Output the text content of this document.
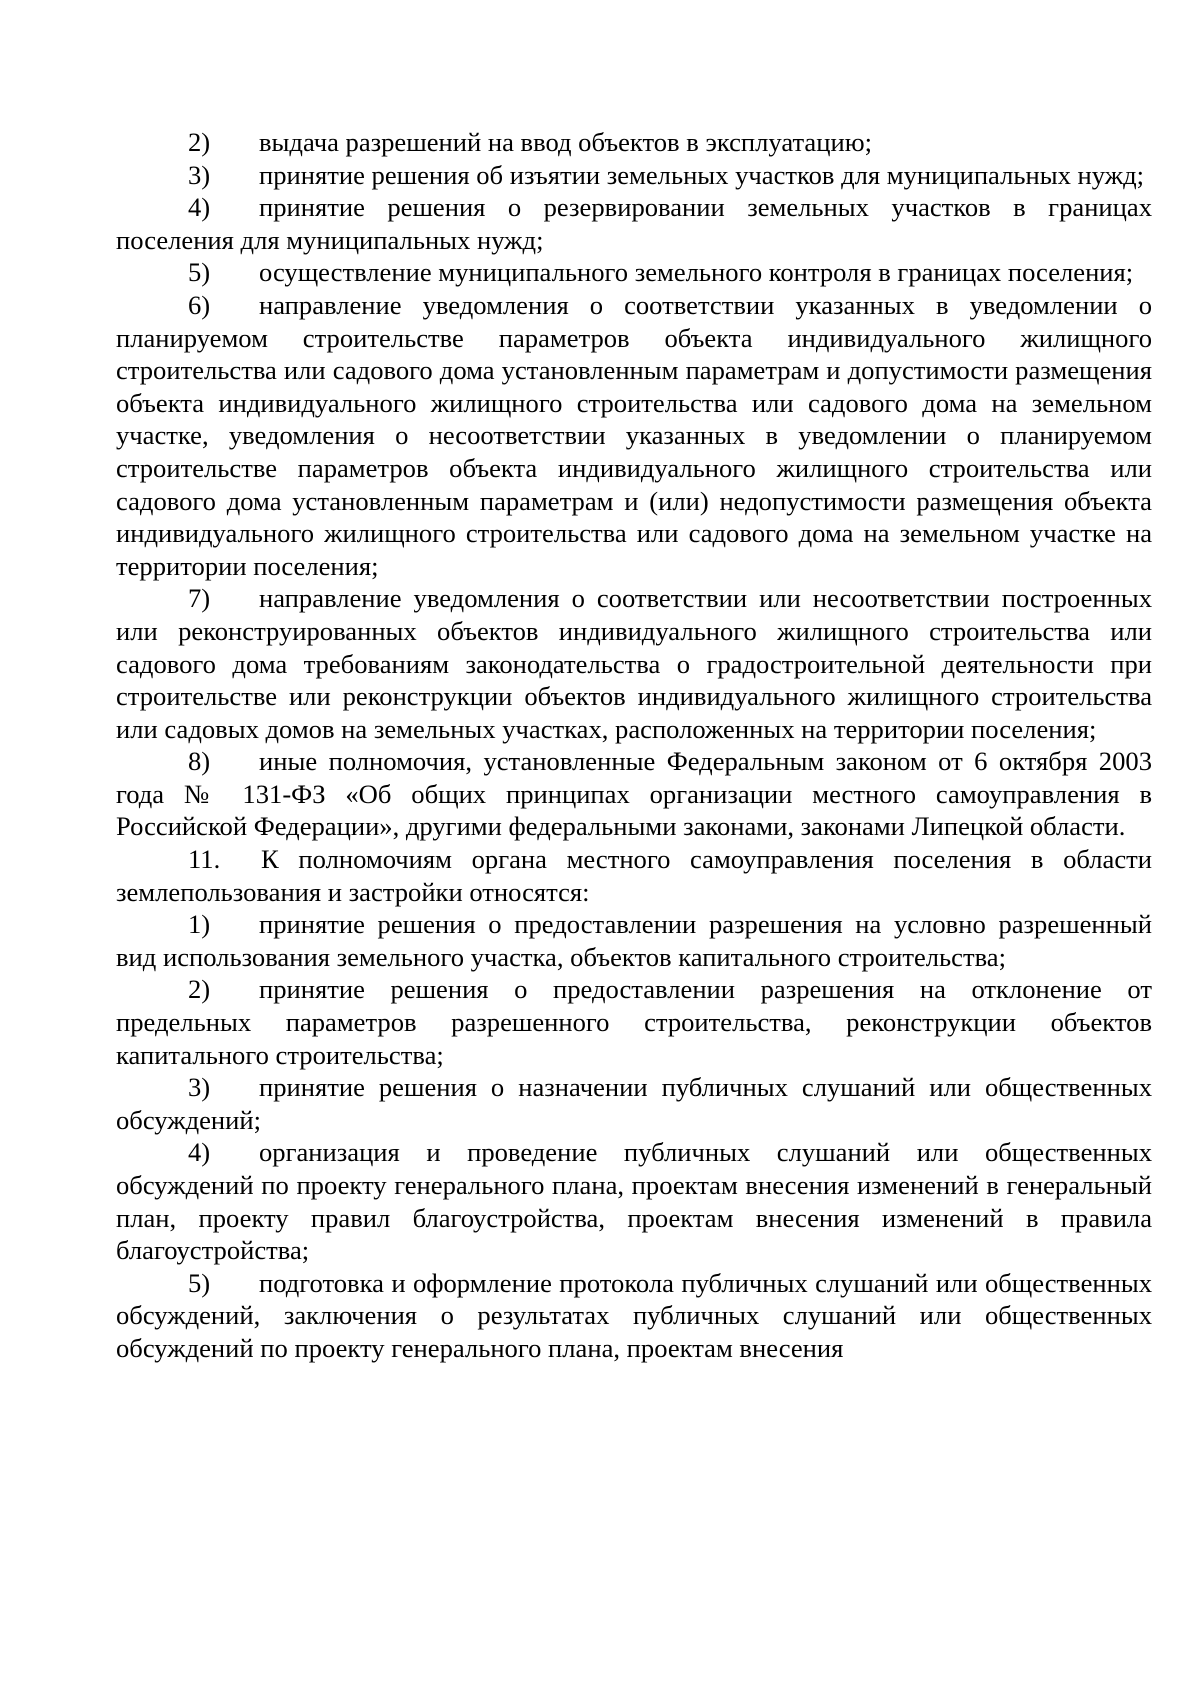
2) выдача разрешений на ввод объектов в эксплуатацию;

3) принятие решения об изъятии земельных участков для муниципальных нужд;

4) принятие решения о резервировании земельных участков в границах поселения для муниципальных нужд;

5) осуществление муниципального земельного контроля в границах поселения;

6) направление уведомления о соответствии указанных в уведомлении о планируемом строительстве параметров объекта индивидуального жилищного строительства или садового дома установленным параметрам и допустимости размещения объекта индивидуального жилищного строительства или садового дома на земельном участке, уведомления о несоответствии указанных в уведомлении о планируемом строительстве параметров объекта индивидуального жилищного строительства или садового дома установленным параметрам и (или) недопустимости размещения объекта индивидуального жилищного строительства или садового дома на земельном участке на территории поселения;

7) направление уведомления о соответствии или несоответствии построенных или реконструированных объектов индивидуального жилищного строительства или садового дома требованиям законодательства о градостроительной деятельности при строительстве или реконструкции объектов индивидуального жилищного строительства или садовых домов на земельных участках, расположенных на территории поселения;

8) иные полномочия, установленные Федеральным законом от 6 октября 2003 года № 131-ФЗ «Об общих принципах организации местного самоуправления в Российской Федерации», другими федеральными законами, законами Липецкой области.

11. К полномочиям органа местного самоуправления поселения в области землепользования и застройки относятся:

1) принятие решения о предоставлении разрешения на условно разрешенный вид использования земельного участка, объектов капитального строительства;

2) принятие решения о предоставлении разрешения на отклонение от предельных параметров разрешенного строительства, реконструкции объектов капитального строительства;

3) принятие решения о назначении публичных слушаний или общественных обсуждений;

4) организация и проведение публичных слушаний или общественных обсуждений по проекту генерального плана, проектам внесения изменений в генеральный план, проекту правил благоустройства, проектам внесения изменений в правила благоустройства;

5) подготовка и оформление протокола публичных слушаний или общественных обсуждений, заключения о результатах публичных слушаний или общественных обсуждений по проекту генерального плана, проектам внесения
